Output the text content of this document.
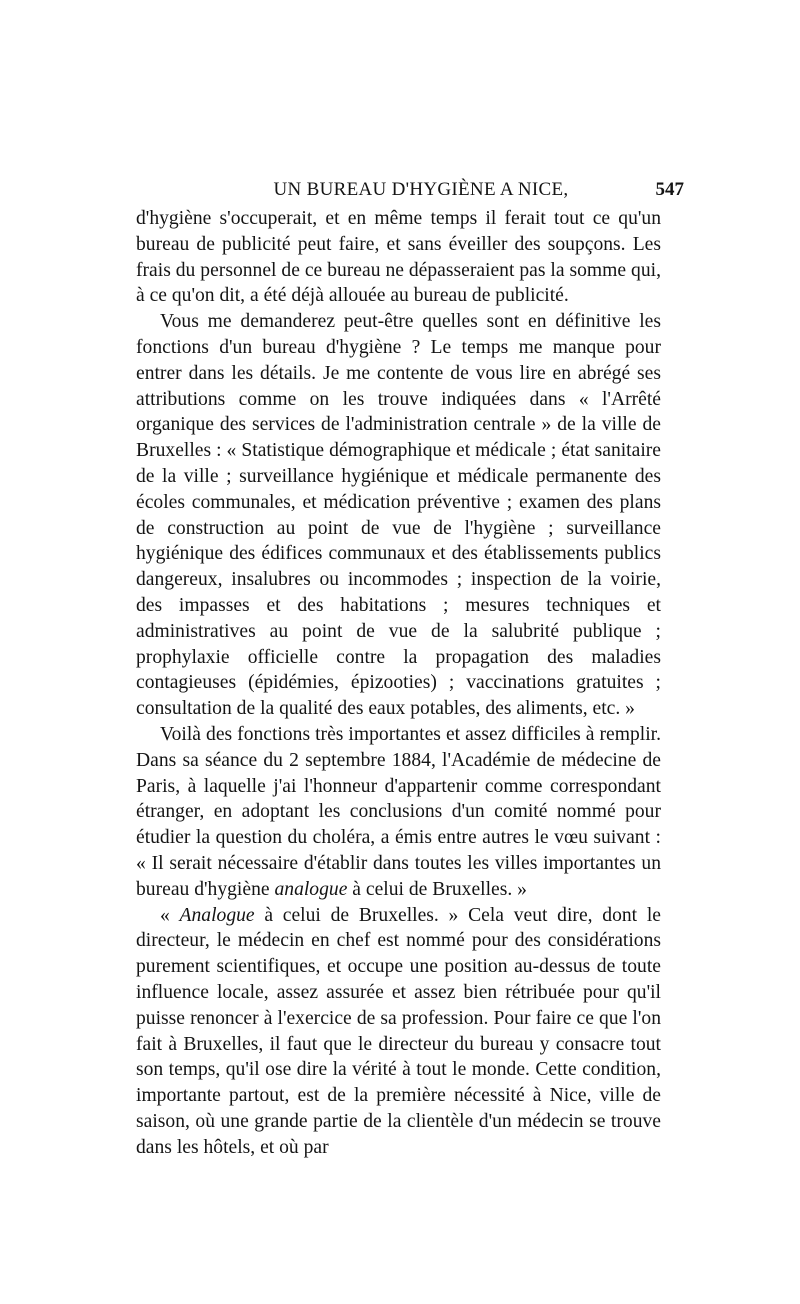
UN BUREAU D'HYGIÈNE A NICE,	547

d'hygiène s'occuperait, et en même temps il ferait tout ce qu'un bureau de publicité peut faire, et sans éveiller des soupçons. Les frais du personnel de ce bureau ne dépasseraient pas la somme qui, à ce qu'on dit, a été déjà allouée au bureau de publicité.

Vous me demanderez peut-être quelles sont en définitive les fonctions d'un bureau d'hygiène ? Le temps me manque pour entrer dans les détails. Je me contente de vous lire en abrégé ses attributions comme on les trouve indiquées dans « l'Arrêté organique des services de l'administration centrale » de la ville de Bruxelles : « Statistique démographique et médicale ; état sanitaire de la ville ; surveillance hygiénique et médicale permanente des écoles communales, et médication préventive ; examen des plans de construction au point de vue de l'hygiène ; surveillance hygiénique des édifices communaux et des établissements publics dangereux, insalubres ou incommodes ; inspection de la voirie, des impasses et des habitations ; mesures techniques et administratives au point de vue de la salubrité publique ; prophylaxie officielle contre la propagation des maladies contagieuses (épidémies, épizooties) ; vaccinations gratuites ; consultation de la qualité des eaux potables, des aliments, etc. »

Voilà des fonctions très importantes et assez difficiles à remplir. Dans sa séance du 2 septembre 1884, l'Académie de médecine de Paris, à laquelle j'ai l'honneur d'appartenir comme correspondant étranger, en adoptant les conclusions d'un comité nommé pour étudier la question du choléra, a émis entre autres le vœu suivant : « Il serait nécessaire d'établir dans toutes les villes importantes un bureau d'hygiène analogue à celui de Bruxelles. »

« Analogue à celui de Bruxelles. » Cela veut dire, dont le directeur, le médecin en chef est nommé pour des considérations purement scientifiques, et occupe une position au-dessus de toute influence locale, assez assurée et assez bien rétribuée pour qu'il puisse renoncer à l'exercice de sa profession. Pour faire ce que l'on fait à Bruxelles, il faut que le directeur du bureau y consacre tout son temps, qu'il ose dire la vérité à tout le monde. Cette condition, importante partout, est de la première nécessité à Nice, ville de saison, où une grande partie de la clientèle d'un médecin se trouve dans les hôtels, et où par
